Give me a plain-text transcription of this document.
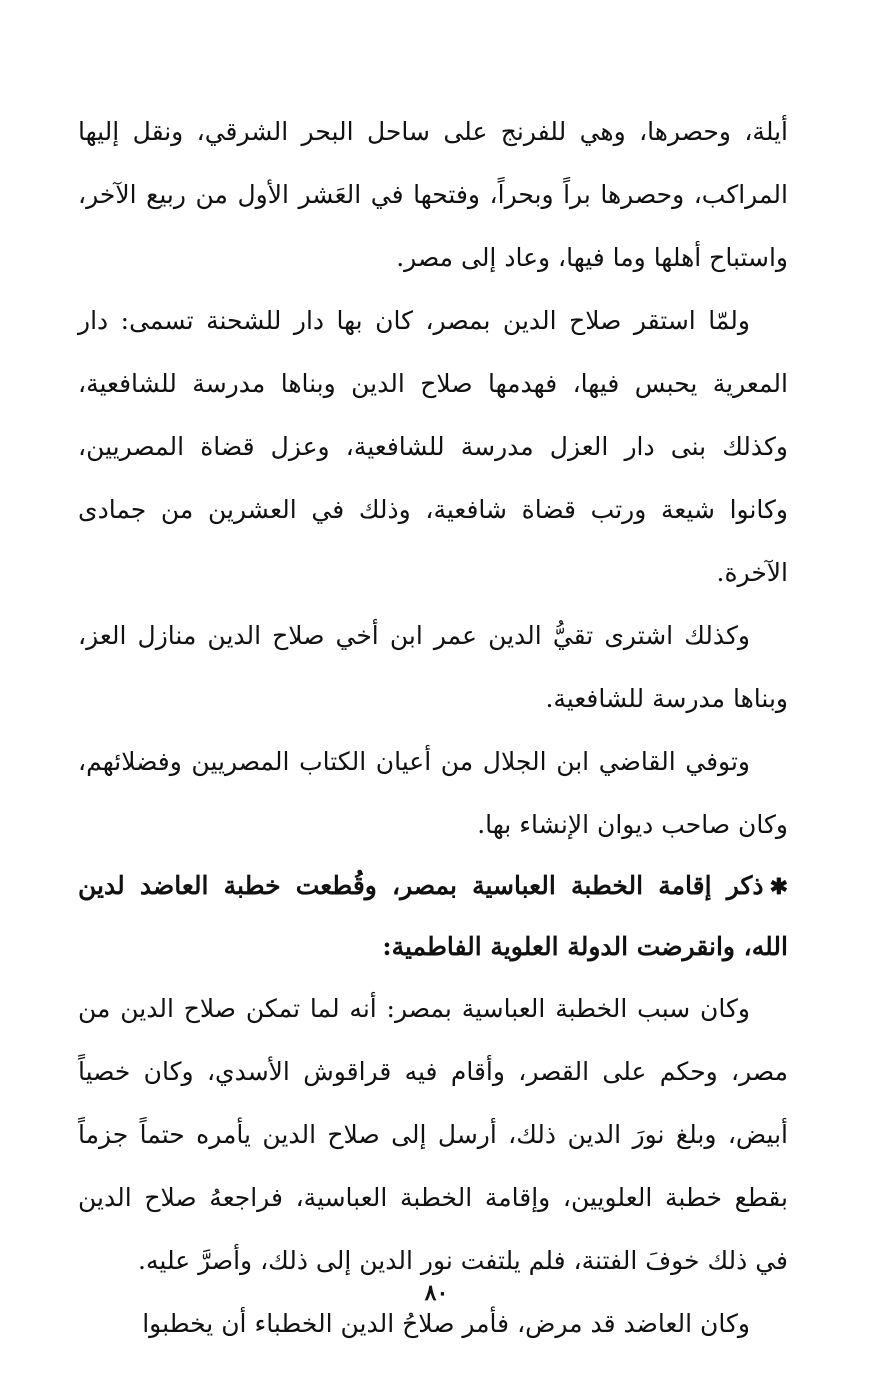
أيلة، وحصرها، وهي للفرنج على ساحل البحر الشرقي، ونقل إليها المراكب، وحصرها براً وبحراً، وفتحها في العَشر الأول من ربيع الآخر، واستباح أهلها وما فيها، وعاد إلى مصر.

ولمّا استقر صلاح الدين بمصر، كان بها دار للشحنة تسمى: دار المعرية يحبس فيها، فهدمها صلاح الدين وبناها مدرسة للشافعية، وكذلك بنى دار العزل مدرسة للشافعية، وعزل قضاة المصريين، وكانوا شيعة ورتب قضاة شافعية، وذلك في العشرين من جمادى الآخرة.

وكذلك اشترى تقيُّ الدين عمر ابن أخي صلاح الدين منازل العز، وبناها مدرسة للشافعية.

وتوفي القاضي ابن الجلال من أعيان الكتاب المصريين وفضلائهم، وكان صاحب ديوان الإنشاء بها.

✱ذكر إقامة الخطبة العباسية بمصر، وقُطعت خطبة العاضد لدين الله، وانقرضت الدولة العلوية الفاطمية:

وكان سبب الخطبة العباسية بمصر: أنه لما تمكن صلاح الدين من مصر، وحكم على القصر، وأقام فيه قراقوش الأسدي، وكان خصياً أبيض، وبلغ نورَ الدين ذلك، أرسل إلى صلاح الدين يأمره حتماً جزماً بقطع خطبة العلويين، وإقامة الخطبة العباسية، فراجعهُ صلاح الدين في ذلك خوفَ الفتنة، فلم يلتفت نور الدين إلى ذلك، وأصرَّ عليه.

وكان العاضد قد مرض، فأمر صلاحُ الدين الخطباء أن يخطبوا

٨٠
